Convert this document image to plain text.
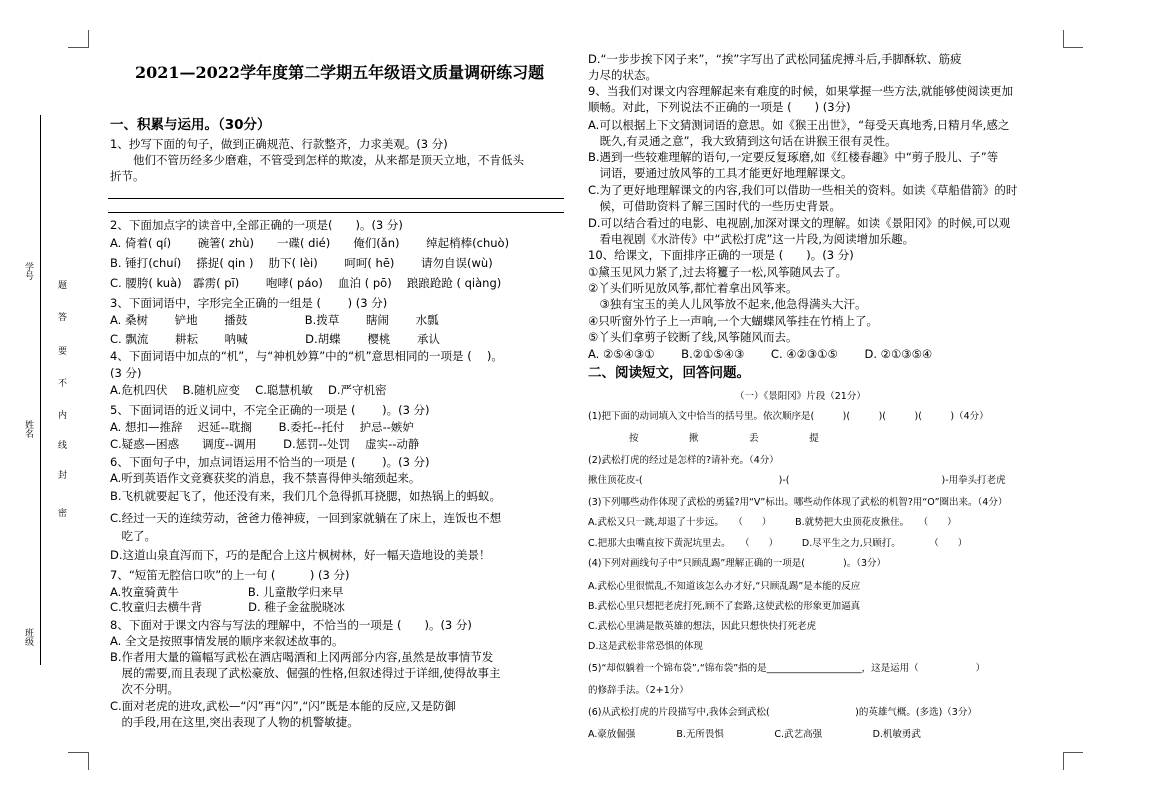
学号
姓名
班级
密
封
线
内
不
要
答
题
2021—2022学年度第二学期五年级语文质量调研练习题
一、积累与运用。（30分）
1、抄写下面的句子，做到正确规范、行款整齐，力求美观。(3 分)
　　他们不管历经多少磨难，不管受到怎样的欺凌，从来都是顶天立地，不肯低头
折节。
2、下面加点字的读音中,全部正确的一项是(　　)。(3 分)
A. 倚着( qí)　　 碗箸( zhù)　　一碟( dié)　　俺们(ǎn)　　 绰起梢棒(chuò)
B. 锤打(chuí)　 搽捉( qin )　 肋下( lèi)　　 呵呵( hē)　　 请勿自误(wù)
C. 腰胯( kuà)　霹雳( pī)　　 咆哮( páo)　 血泊 ( pō)　 踉踉跄跄 ( qiàng)
3、下面词语中，字形完全正确的一组是 (　　 ) (3 分)
A. 桑树　　 铲地　　 播鼓　　　　　B.拨草　　 瞎闹　　 水瓢
C. 飘流　　 耕耘　　 呐喊　　　　　D.胡蝶　　 樱桃　　 承认
4、下面词语中加点的“机”，与“神机妙算”中的“机”意思相同的一项是 (　 )。
(3 分)
A.危机四伏　 B.随机应变　 C.聪慧机敏　 D.严守机密
5、下面词语的近义词中，不完全正确的一项是 (　　 )。(3 分)
A. 想扣—推辞　 迟延--耽搁　　 B.委托--托付　 护忌--嫉妒
C.疑惑—困惑　　调度--调用　　 D.惩罚--处罚　 虚实--动静
6、下面句子中，加点词语运用不恰当的一项是 (　　 )。(3 分)
A.听到英语作文竞赛获奖的消息，我不禁喜得伸头缩颈起来。
B.飞机就要起飞了，他还没有来，我们几个急得抓耳挠腮，如热锅上的蚂蚁。
C.经过一天的连续劳动，爸爸力倦神疲，一回到家就躺在了床上，连饭也不想
　吃了。
D.这道山泉直泻而下，巧的是配合上这片枫树林，好一幅天造地设的美景！
7、“短笛无腔信口吹”的上一句 (　　　) (3 分)
A.牧童骑黄牛　　　　　　B. 儿童散学归来早
C.牧童归去横牛背　　　　D. 稚子金盆脱晓冰
8、下面对于课文内容与写法的理解中，不恰当的一项是 (　　)。(3 分)
A. 全文是按照事情发展的顺序来叙述故事的。
B.作者用大量的篇幅写武松在酒店喝酒和上冈两部分内容,虽然是故事情节发
　展的需要,而且表现了武松豪放、倔强的性格,但叙述得过于详细,使得故事主
　次不分明。
C.面对老虎的进攻,武松—“闪”再“闪”,“闪”既是本能的反应,又是防御
　的手段,用在这里,突出表现了人物的机警敏捷。
D.“一步步挨下冈子来”，“挨”字写出了武松同猛虎搏斗后,手脚酥软、筋疲
力尽的状态。
9、当我们对课文内容理解起来有难度的时候，如果掌握一些方法,就能够使阅读更加
顺畅。对此，下列说法不正确的一项是 (　　) (3分)
A.可以根据上下文猜测词语的意思。如《猴王出世》，“每受天真地秀,日精月华,感之
　既久,有灵通之意”，我大致猜到这句话在讲猴王很有灵性。
B.遇到一些较难理解的语句,一定要反复琢磨,如《红楼春趣》中“剪子股儿、子”等
　词语，要通过放风筝的工具才能更好地理解课文。
C.为了更好地理解课文的内容,我们可以借助一些相关的资料。如读《草船借箭》的时
　候，可借助资料了解三国时代的一些历史背景。
D.可以结合看过的电影、电视剧,加深对课文的理解。如读《景阳冈》的时候,可以观
　看电视剧《水浒传》中“武松打虎”这一片段,为阅读增加乐趣。
10、给课文，下面排序正确的一项是 (　　)。(3 分)
①黛玉见风力紧了,过去将籰子一松,风筝随风去了。
②丫头们听见放风筝,都忙着拿出风筝来。
　③独有宝玉的美人儿风筝放不起来,他急得满头大汗。
④只听窗外竹子上一声响,一个大蝴蝶风筝挂在竹梢上了。
⑤丫头们拿剪子铰断了线,风筝随风而去。
A. ②⑤④③①　　 B.②①⑤④③　　 C. ④②③①⑤　　 D. ②①③⑤④
二、阅读短文，回答问题。
（一）《景阳冈》片段（21分）
(1)把下面的动词填入文中恰当的括号里。依次顺序是(　　　)(　　　)(　　　)(　　　)（4分）
　　　　 按　　　　　 揪　　　　　 丢　　　　　 提
(2)武松打虎的经过是怎样的?请补充。（4分）
揪住顶花皮-(　　　　　　　　　　　　　　 )-(　　　　　　　　　　　　　　　　)-用拳头打老虎
(3)下列哪些动作体现了武松的勇猛?用“V”标出。哪些动作体现了武松的机智?用“O”圈出来。（4分）
A.武松又只一跳,却退了十步远。　　（　　）　　　B.就势把大虫顶花皮揪住。　　（　　）
C.把那大虫嘴直按下黄泥坑里去。　　（　　）　　　D.尽平生之力,只顾打。　　　　（　　）
(4)下列对画线句子中“只顾乱踢”理解正确的一项是(　　　　)。（3分）
A.武松心里很慌乱,不知道该怎么办才好,“只顾乱踢”是本能的反应
B.武松心里只想把老虎打死,顾不了套路,这使武松的形象更加逼真
C.武松心里满是散英雄的想法，因此只想快快打死老虎
D.这是武松非常恐惧的体现
(5)“却似躺着一个锦布袋”,“锦布袋”指的是____________________，这是运用（　　　　　　）
的修辞手法。（2+1分）
(6)从武松打虎的片段描写中,我体会到武松(　　　　　　　　　)的英雄气概。(多选)（3分）
A.豪放倔强　　　　 B.无所畏惧　　　　　 C.武艺高强　　　　　 D.机敏勇武
